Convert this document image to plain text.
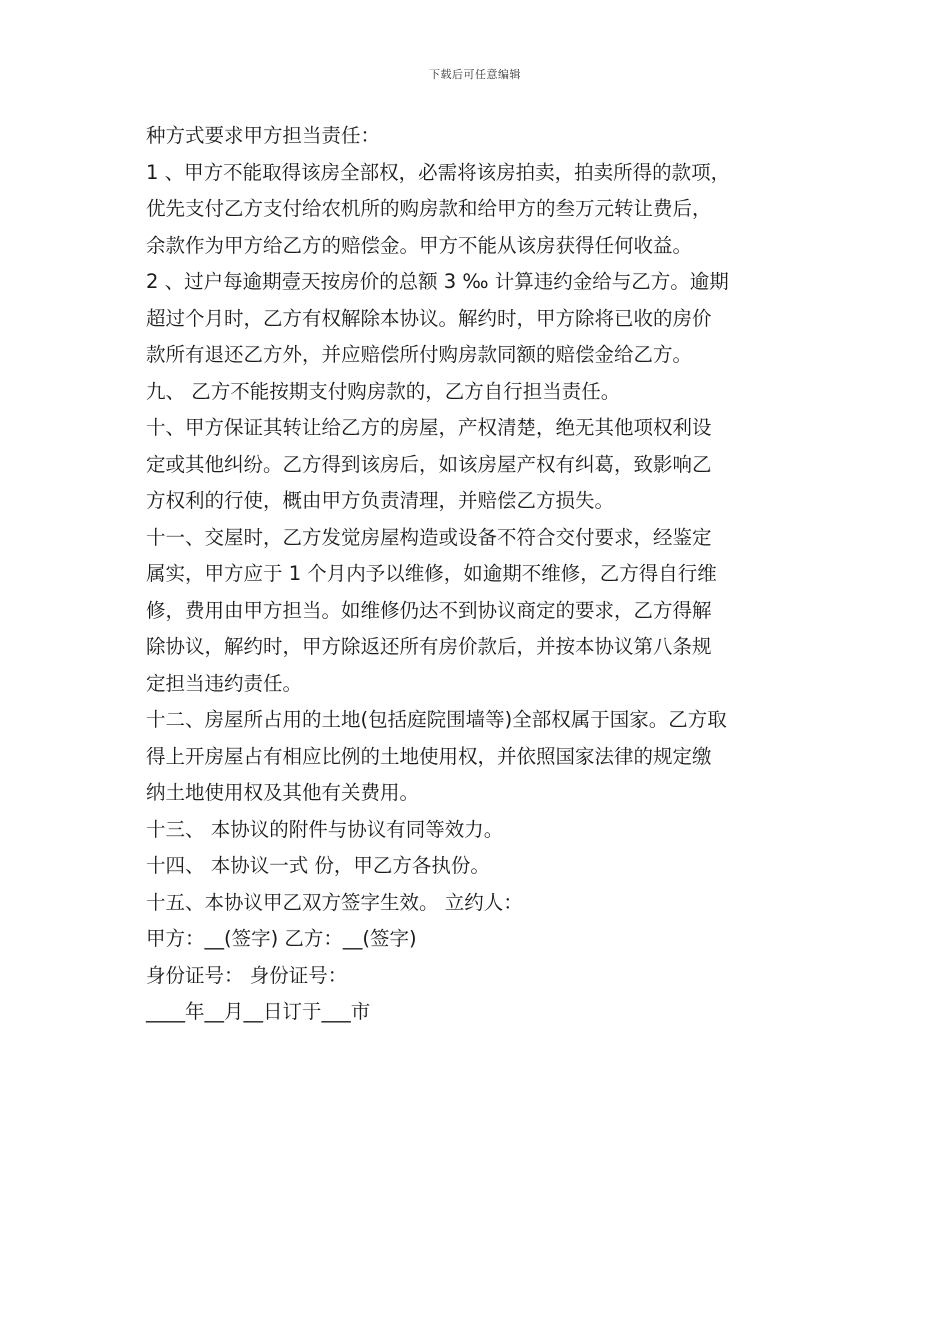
下载后可任意编辑
种方式要求甲方担当责任：
1 、甲方不能取得该房全部权，必需将该房拍卖，拍卖所得的款项，
优先支付乙方支付给农机所的购房款和给甲方的叁万元转让费后，
余款作为甲方给乙方的赔偿金。甲方不能从该房获得任何收益。
2 、过户每逾期壹天按房价的总额 3 ‰ 计算违约金给与乙方。逾期
超过个月时，乙方有权解除本协议。解约时，甲方除将已收的房价
款所有退还乙方外，并应赔偿所付购房款同额的赔偿金给乙方。
九、 乙方不能按期支付购房款的，乙方自行担当责任。
十、甲方保证其转让给乙方的房屋，产权清楚，绝无其他项权利设
定或其他纠纷。乙方得到该房后，如该房屋产权有纠葛，致影响乙
方权利的行使，概由甲方负责清理，并赔偿乙方损失。
十一、交屋时，乙方发觉房屋构造或设备不符合交付要求，经鉴定
属实，甲方应于 1 个月内予以维修，如逾期不维修，乙方得自行维
修，费用由甲方担当。如维修仍达不到协议商定的要求，乙方得解
除协议，解约时，甲方除返还所有房价款后，并按本协议第八条规
定担当违约责任。
十二、房屋所占用的土地(包括庭院围墙等)全部权属于国家。乙方取
得上开房屋占有相应比例的土地使用权，并依照国家法律的规定缴
纳土地使用权及其他有关费用。
十三、 本协议的附件与协议有同等效力。
十四、 本协议一式 份，甲乙方各执份。
十五、本协议甲乙双方签字生效。 立约人：
甲方：__(签字) 乙方：__(签字)
身份证号： 身份证号：
____年__月__日订于___市
